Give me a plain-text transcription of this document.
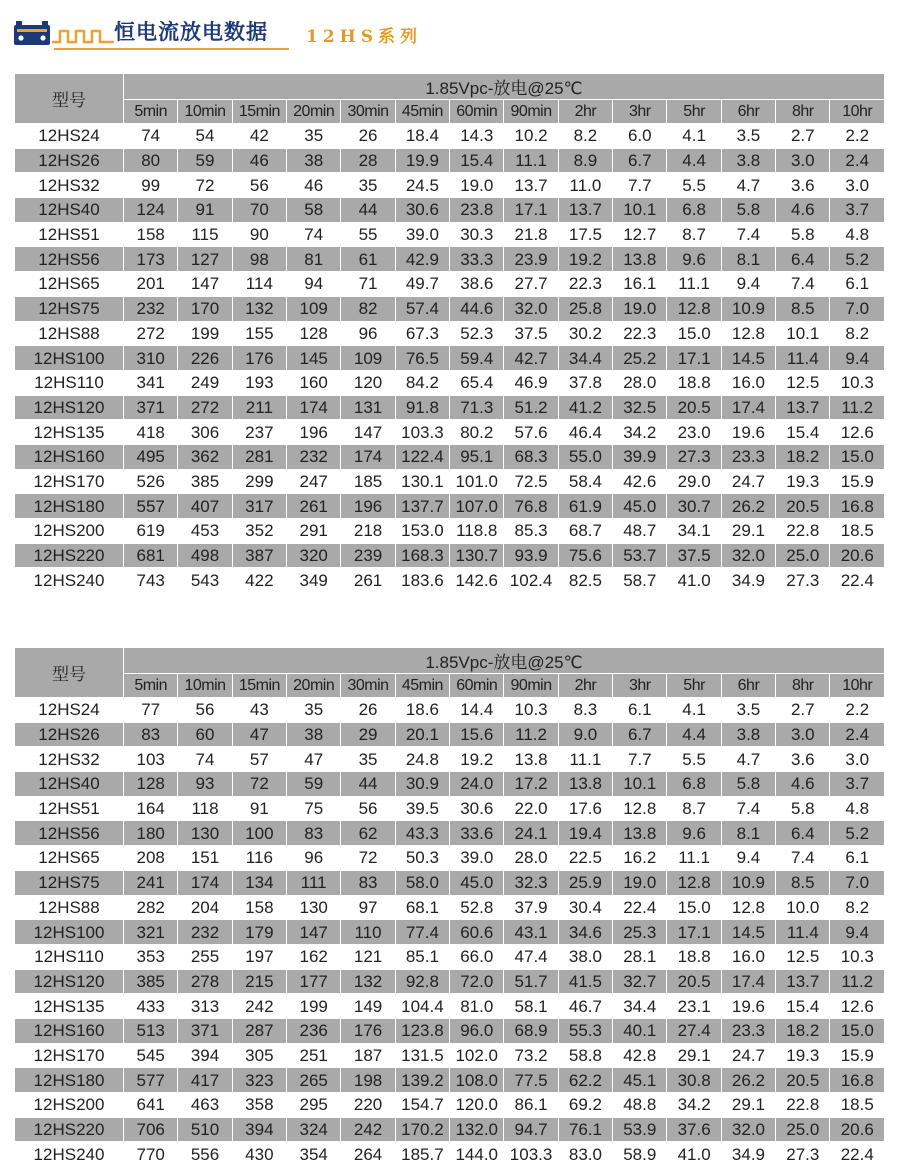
恒电流放电数据 12HS系列
型号	1.85Vpc-放电@25℃													
	5min	10min	15min	20min	30min	45min	60min	90min	2hr	3hr	5hr	6hr	8hr	10hr
12HS24	74	54	42	35	26	18.4	14.3	10.2	8.2	6.0	4.1	3.5	2.7	2.2
12HS26	80	59	46	38	28	19.9	15.4	11.1	8.9	6.7	4.4	3.8	3.0	2.4
12HS32	99	72	56	46	35	24.5	19.0	13.7	11.0	7.7	5.5	4.7	3.6	3.0
12HS40	124	91	70	58	44	30.6	23.8	17.1	13.7	10.1	6.8	5.8	4.6	3.7
12HS51	158	115	90	74	55	39.0	30.3	21.8	17.5	12.7	8.7	7.4	5.8	4.8
12HS56	173	127	98	81	61	42.9	33.3	23.9	19.2	13.8	9.6	8.1	6.4	5.2
12HS65	201	147	114	94	71	49.7	38.6	27.7	22.3	16.1	11.1	9.4	7.4	6.1
12HS75	232	170	132	109	82	57.4	44.6	32.0	25.8	19.0	12.8	10.9	8.5	7.0
12HS88	272	199	155	128	96	67.3	52.3	37.5	30.2	22.3	15.0	12.8	10.1	8.2
12HS100	310	226	176	145	109	76.5	59.4	42.7	34.4	25.2	17.1	14.5	11.4	9.4
12HS110	341	249	193	160	120	84.2	65.4	46.9	37.8	28.0	18.8	16.0	12.5	10.3
12HS120	371	272	211	174	131	91.8	71.3	51.2	41.2	32.5	20.5	17.4	13.7	11.2
12HS135	418	306	237	196	147	103.3	80.2	57.6	46.4	34.2	23.0	19.6	15.4	12.6
12HS160	495	362	281	232	174	122.4	95.1	68.3	55.0	39.9	27.3	23.3	18.2	15.0
12HS170	526	385	299	247	185	130.1	101.0	72.5	58.4	42.6	29.0	24.7	19.3	15.9
12HS180	557	407	317	261	196	137.7	107.0	76.8	61.9	45.0	30.7	26.2	20.5	16.8
12HS200	619	453	352	291	218	153.0	118.8	85.3	68.7	48.7	34.1	29.1	22.8	18.5
12HS220	681	498	387	320	239	168.3	130.7	93.9	75.6	53.7	37.5	32.0	25.0	20.6
12HS240	743	543	422	349	261	183.6	142.6	102.4	82.5	58.7	41.0	34.9	27.3	22.4
型号	1.85Vpc-放电@25℃													
	5min	10min	15min	20min	30min	45min	60min	90min	2hr	3hr	5hr	6hr	8hr	10hr
12HS24	77	56	43	35	26	18.6	14.4	10.3	8.3	6.1	4.1	3.5	2.7	2.2
12HS26	83	60	47	38	29	20.1	15.6	11.2	9.0	6.7	4.4	3.8	3.0	2.4
12HS32	103	74	57	47	35	24.8	19.2	13.8	11.1	7.7	5.5	4.7	3.6	3.0
12HS40	128	93	72	59	44	30.9	24.0	17.2	13.8	10.1	6.8	5.8	4.6	3.7
12HS51	164	118	91	75	56	39.5	30.6	22.0	17.6	12.8	8.7	7.4	5.8	4.8
12HS56	180	130	100	83	62	43.3	33.6	24.1	19.4	13.8	9.6	8.1	6.4	5.2
12HS65	208	151	116	96	72	50.3	39.0	28.0	22.5	16.2	11.1	9.4	7.4	6.1
12HS75	241	174	134	111	83	58.0	45.0	32.3	25.9	19.0	12.8	10.9	8.5	7.0
12HS88	282	204	158	130	97	68.1	52.8	37.9	30.4	22.4	15.0	12.8	10.0	8.2
12HS100	321	232	179	147	110	77.4	60.6	43.1	34.6	25.3	17.1	14.5	11.4	9.4
12HS110	353	255	197	162	121	85.1	66.0	47.4	38.0	28.1	18.8	16.0	12.5	10.3
12HS120	385	278	215	177	132	92.8	72.0	51.7	41.5	32.7	20.5	17.4	13.7	11.2
12HS135	433	313	242	199	149	104.4	81.0	58.1	46.7	34.4	23.1	19.6	15.4	12.6
12HS160	513	371	287	236	176	123.8	96.0	68.9	55.3	40.1	27.4	23.3	18.2	15.0
12HS170	545	394	305	251	187	131.5	102.0	73.2	58.8	42.8	29.1	24.7	19.3	15.9
12HS180	577	417	323	265	198	139.2	108.0	77.5	62.2	45.1	30.8	26.2	20.5	16.8
12HS200	641	463	358	295	220	154.7	120.0	86.1	69.2	48.8	34.2	29.1	22.8	18.5
12HS220	706	510	394	324	242	170.2	132.0	94.7	76.1	53.9	37.6	32.0	25.0	20.6
12HS240	770	556	430	354	264	185.7	144.0	103.3	83.0	58.9	41.0	34.9	27.3	22.4
